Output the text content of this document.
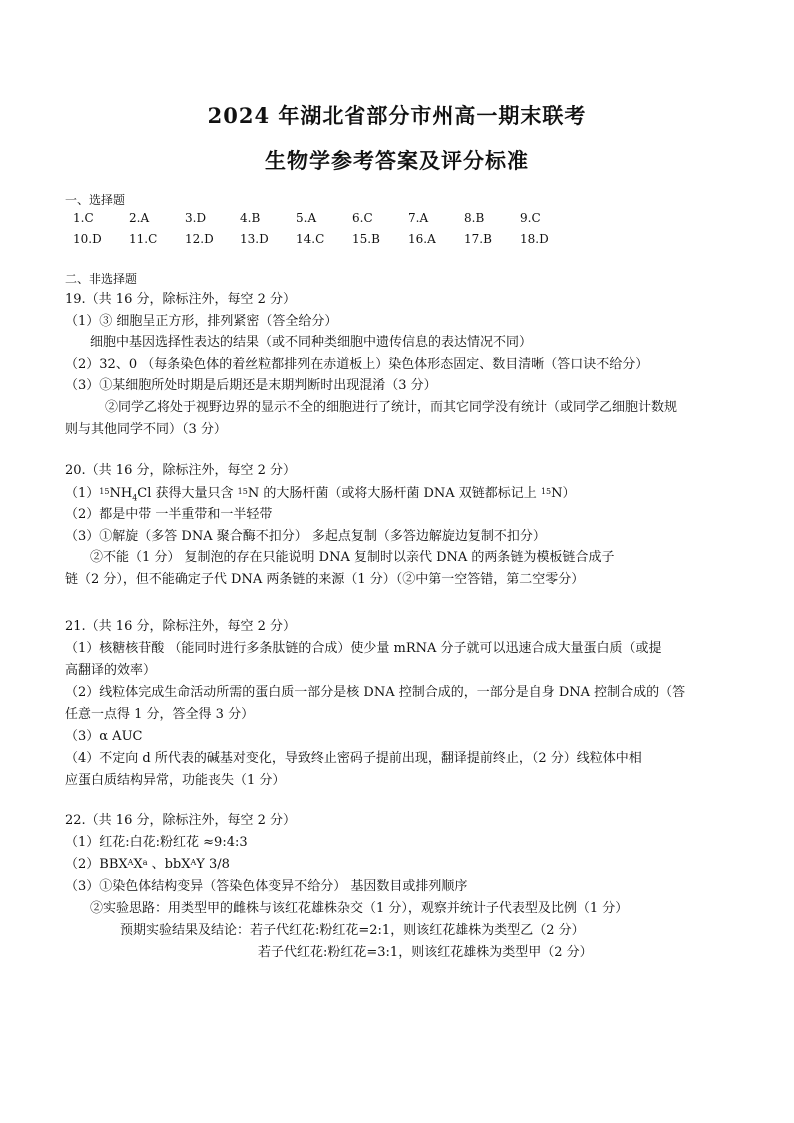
2024 年湖北省部分市州高一期末联考
生物学参考答案及评分标准
一、选择题
1.C	2.A	3.D	4.B	5.A	6.C	7.A	8.B	9.C
10.D 11.C 12.D 13.D 14.C 15.B 16.A 17.B 18.D
二、非选择题
19.（共 16 分，除标注外，每空 2 分）
（1）③ 细胞呈正方形，排列紧密（答全给分）
细胞中基因选择性表达的结果（或不同种类细胞中遗传信息的表达情况不同）
（2）32、0 （每条染色体的着丝粒都排列在赤道板上）染色体形态固定、数目清晰（答口诀不给分）
（3）①某细胞所处时期是后期还是末期判断时出现混淆（3 分）
②同学乙将处于视野边界的显示不全的细胞进行了统计，而其它同学没有统计（或同学乙细胞计数规
则与其他同学不同）（3 分）
20.（共 16 分，除标注外，每空 2 分）
$(1)^{15}NH_4Cl$ 获得大量只含 $^{15}$N 的大肠杆菌（或将大肠杆菌 DNA 双链都标记上 $^{15}$N）
（2）都是中带 一半重带和一半轻带
（3）①解旋（多答 DNA 聚合酶不扣分） 多起点复制（多答边解旋边复制不扣分）
②不能（1 分） 复制泡的存在只能说明 DNA 复制时以亲代 DNA 的两条链为模板链合成子
链（2 分），但不能确定子代 DNA 两条链的来源（1 分）（②中第一空答错，第二空零分）
21.（共 16 分，除标注外，每空 2 分）
（1）核糖核苷酸 （能同时进行多条肽链的合成）使少量 mRNA 分子就可以迅速合成大量蛋白质（或提
高翻译的效率）
（2）线粒体完成生命活动所需的蛋白质一部分是核 DNA 控制合成的，一部分是自身 DNA 控制合成的（答
任意一点得 1 分，答全得 3 分）
（3）α AUC
（4）不定向 d 所代表的碱基对变化，导致终止密码子提前出现，翻译提前终止，（2 分）线粒体中相
应蛋白质结构异常，功能丧失（1 分）
22.（共 16 分，除标注外，每空 2 分）
（1）红花:白花:粉红花 ≈9:4:3
$(2)BBX^AX^a$ 、bbX$^A$Y 3/8
（3）①染色体结构变异（答染色体变异不给分） 基因数目或排列顺序
②实验思路：用类型甲的雌株与该红花雄株杂交（1 分），观察并统计子代表型及比例（1 分）
预期实验结果及结论：若子代红花:粉红花=2:1，则该红花雄株为类型乙（2 分）
若子代红花:粉红花=3:1，则该红花雄株为类型甲（2 分）
